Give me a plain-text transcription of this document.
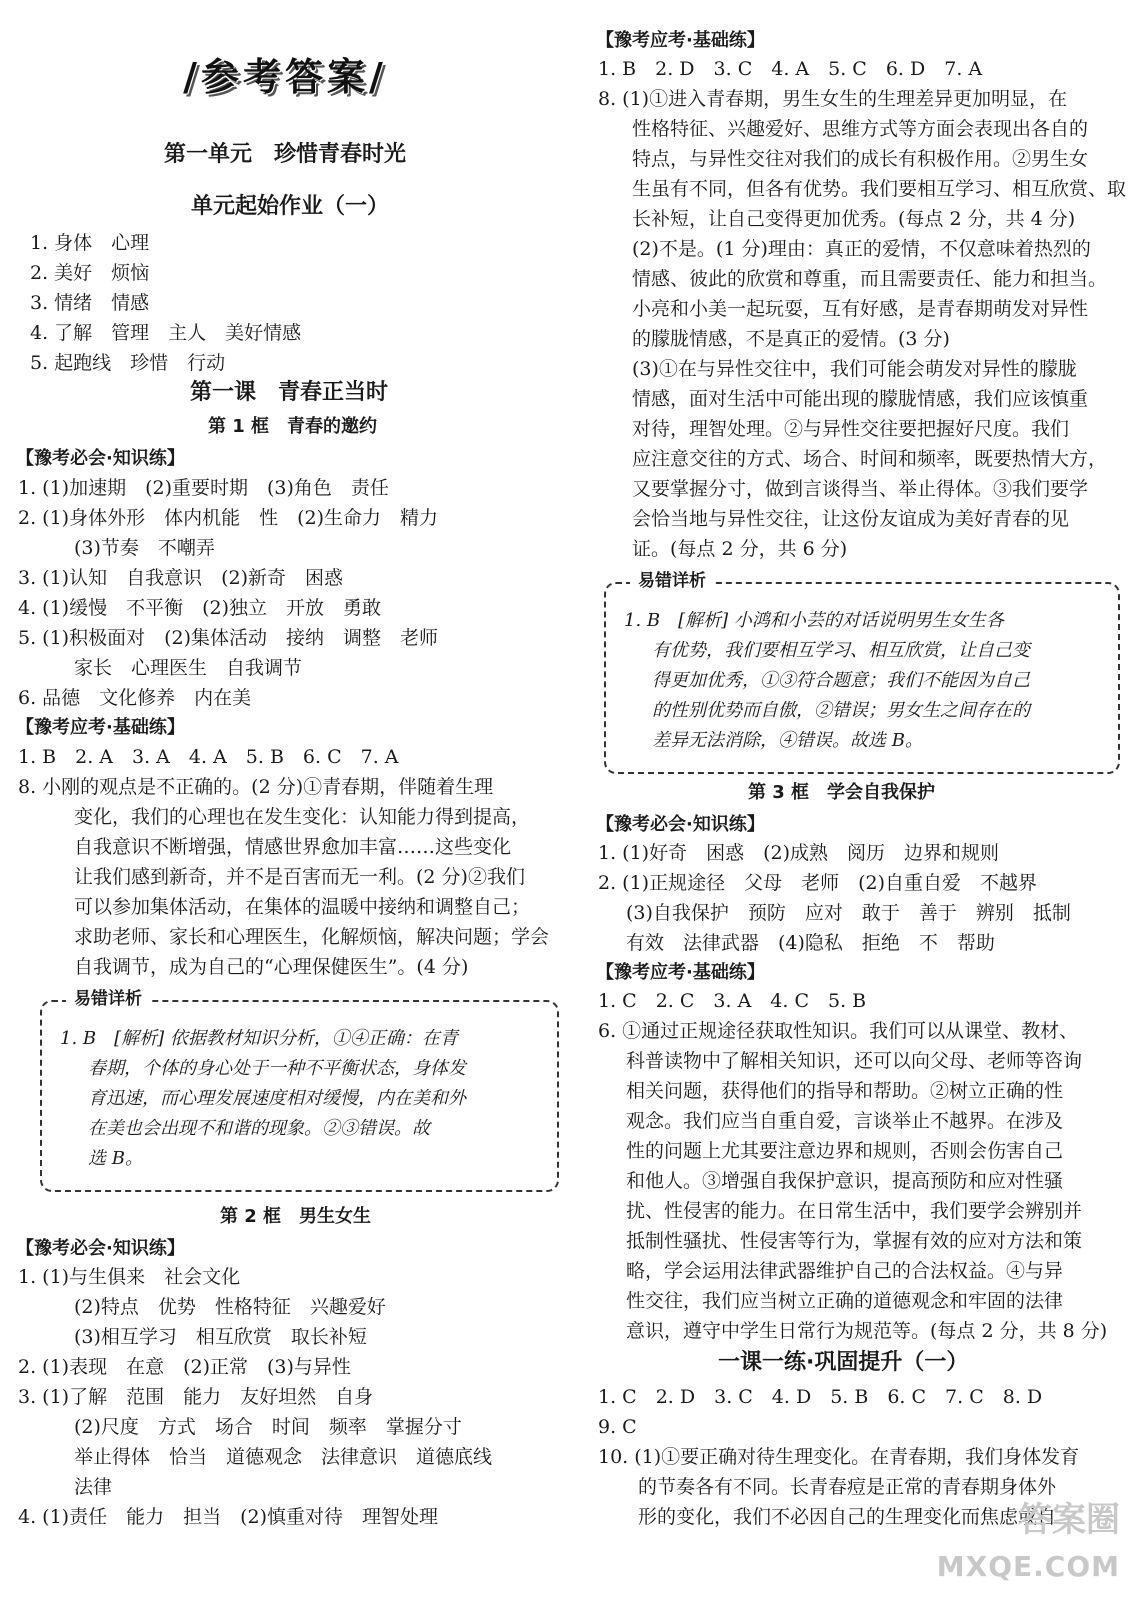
/参考答案/
第一单元　珍惜青春时光
单元起始作业（一）
1. 身体　心理
2. 美好　烦恼
3. 情绪　情感
4. 了解　管理　主人　美好情感
5. 起跑线　珍惜　行动
第一课　青春正当时
第 1 框　青春的邀约
【豫考必会·知识练】
1. (1)加速期　(2)重要时期　(3)角色　责任
2. (1)身体外形　体内机能　性　(2)生命力　精力
(3)节奏　不嘲弄
3. (1)认知　自我意识　(2)新奇　困惑
4. (1)缓慢　不平衡　(2)独立　开放　勇敢
5. (1)积极面对　(2)集体活动　接纳　调整　老师
家长　心理医生　自我调节
6. 品德　文化修养　内在美
【豫考应考·基础练】
1. B　2. A　3. A　4. A　5. B　6. C　7. A
8. 小刚的观点是不正确的。(2 分)①青春期，伴随着生理
变化，我们的心理也在发生变化：认知能力得到提高，
自我意识不断增强，情感世界愈加丰富……这些变化
让我们感到新奇，并不是百害而无一利。(2 分)②我们
可以参加集体活动，在集体的温暖中接纳和调整自己；
求助老师、家长和心理医生，化解烦恼，解决问题；学会
自我调节，成为自己的“心理保健医生”。(4 分)
易错详析
1. B　[解析] 依据教材知识分析，①④正确：在青
春期，个体的身心处于一种不平衡状态，身体发
育迅速，而心理发展速度相对缓慢，内在美和外
在美也会出现不和谐的现象。②③错误。故
选 B。
第 2 框　男生女生
【豫考必会·知识练】
1. (1)与生俱来　社会文化
(2)特点　优势　性格特征　兴趣爱好
(3)相互学习　相互欣赏　取长补短
2. (1)表现　在意　(2)正常　(3)与异性
3. (1)了解　范围　能力　友好坦然　自身
(2)尺度　方式　场合　时间　频率　掌握分寸
举止得体　恰当　道德观念　法律意识　道德底线
法律
4. (1)责任　能力　担当　(2)慎重对待　理智处理
【豫考应考·基础练】
1. B　2. D　3. C　4. A　5. C　6. D　7. A
8. (1)①进入青春期，男生女生的生理差异更加明显，在
性格特征、兴趣爱好、思维方式等方面会表现出各自的
特点，与异性交往对我们的成长有积极作用。②男生女
生虽有不同，但各有优势。我们要相互学习、相互欣赏、取
长补短，让自己变得更加优秀。(每点 2 分，共 4 分)
(2)不是。(1 分)理由：真正的爱情，不仅意味着热烈的
情感、彼此的欣赏和尊重，而且需要责任、能力和担当。
小亮和小美一起玩耍，互有好感，是青春期萌发对异性
的朦胧情感，不是真正的爱情。(3 分)
(3)①在与异性交往中，我们可能会萌发对异性的朦胧
情感，面对生活中可能出现的朦胧情感，我们应该慎重
对待，理智处理。②与异性交往要把握好尺度。我们
应注意交往的方式、场合、时间和频率，既要热情大方，
又要掌握分寸，做到言谈得当、举止得体。③我们要学
会恰当地与异性交往，让这份友谊成为美好青春的见
证。(每点 2 分，共 6 分)
易错详析
1. B　[解析] 小鸿和小芸的对话说明男生女生各
有优势，我们要相互学习、相互欣赏，让自己变
得更加优秀，①③符合题意；我们不能因为自己
的性别优势而自傲，②错误；男女生之间存在的
差异无法消除，④错误。故选 B。
第 3 框　学会自我保护
【豫考必会·知识练】
1. (1)好奇　困惑　(2)成熟　阅历　边界和规则
2. (1)正规途径　父母　老师　(2)自重自爱　不越界
(3)自我保护　预防　应对　敢于　善于　辨别　抵制
有效　法律武器　(4)隐私　拒绝　不　帮助
【豫考应考·基础练】
1. C　2. C　3. A　4. C　5. B
6. ①通过正规途径获取性知识。我们可以从课堂、教材、
科普读物中了解相关知识，还可以向父母、老师等咨询
相关问题，获得他们的指导和帮助。②树立正确的性
观念。我们应当自重自爱，言谈举止不越界。在涉及
性的问题上尤其要注意边界和规则，否则会伤害自己
和他人。③增强自我保护意识，提高预防和应对性骚
扰、性侵害的能力。在日常生活中，我们要学会辨别并
抵制性骚扰、性侵害等行为，掌握有效的应对方法和策
略，学会运用法律武器维护自己的合法权益。④与异
性交往，我们应当树立正确的道德观念和牢固的法律
意识，遵守中学生日常行为规范等。(每点 2 分，共 8 分)
一课一练·巩固提升（一）
1. C　2. D　3. C　4. D　5. B　6. C　7. C　8. D
9. C
10. (1)①要正确对待生理变化。在青春期，我们身体发育
的节奏各有不同。长青春痘是正常的青春期身体外
形的变化，我们不必因自己的生理变化而焦虑或自
答案圈
MXQE.COM
